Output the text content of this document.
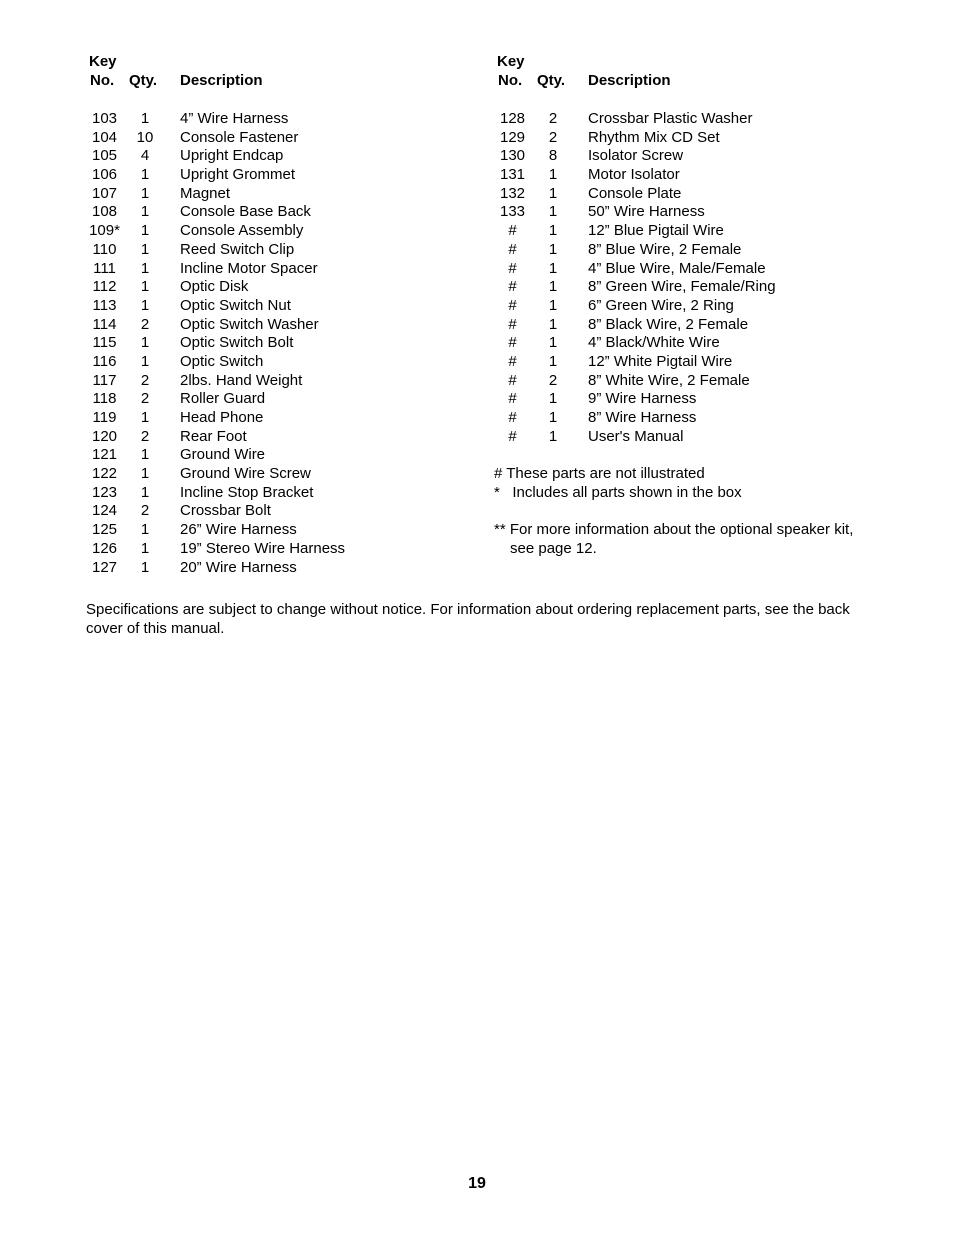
Key
No. Qty. Description
103	1	4” Wire Harness
104	10	Console Fastener
105	4	Upright Endcap
106	1	Upright Grommet
107	1	Magnet
108	1	Console Base Back
109*	1	Console Assembly
110	1	Reed Switch Clip
111	1	Incline Motor Spacer
112	1	Optic Disk
113	1	Optic Switch Nut
114	2	Optic Switch Washer
115	1	Optic Switch Bolt
116	1	Optic Switch
117	2	2lbs. Hand Weight
118	2	Roller Guard
119	1	Head Phone
120	2	Rear Foot
121	1	Ground Wire
122	1	Ground Wire Screw
123	1	Incline Stop Bracket
124	2	Crossbar Bolt
125	1	26” Wire Harness
126	1	19” Stereo Wire Harness
127	1	20” Wire Harness
Key
No. Qty. Description
128	2	Crossbar Plastic Washer
129	2	Rhythm Mix CD Set
130	8	Isolator Screw
131	1	Motor Isolator
132	1	Console Plate
133	1	50” Wire Harness
#	1	12” Blue Pigtail Wire
#	1	8” Blue Wire, 2 Female
#	1	4” Blue Wire, Male/Female
#	1	8” Green Wire, Female/Ring
#	1	6” Green Wire, 2 Ring
#	1	8” Black Wire, 2 Female
#	1	4” Black/White Wire
#	1	12” White Pigtail Wire
#	2	8” White Wire, 2 Female
#	1	9” Wire Harness
#	1	8” Wire Harness
#	1	User's Manual
# These parts are not illustrated
*   Includes all parts shown in the box
** For more information about the optional speaker kit,
see page 12.
Specifications are subject to change without notice. For information about ordering replacement parts, see the back cover of this manual.
19
